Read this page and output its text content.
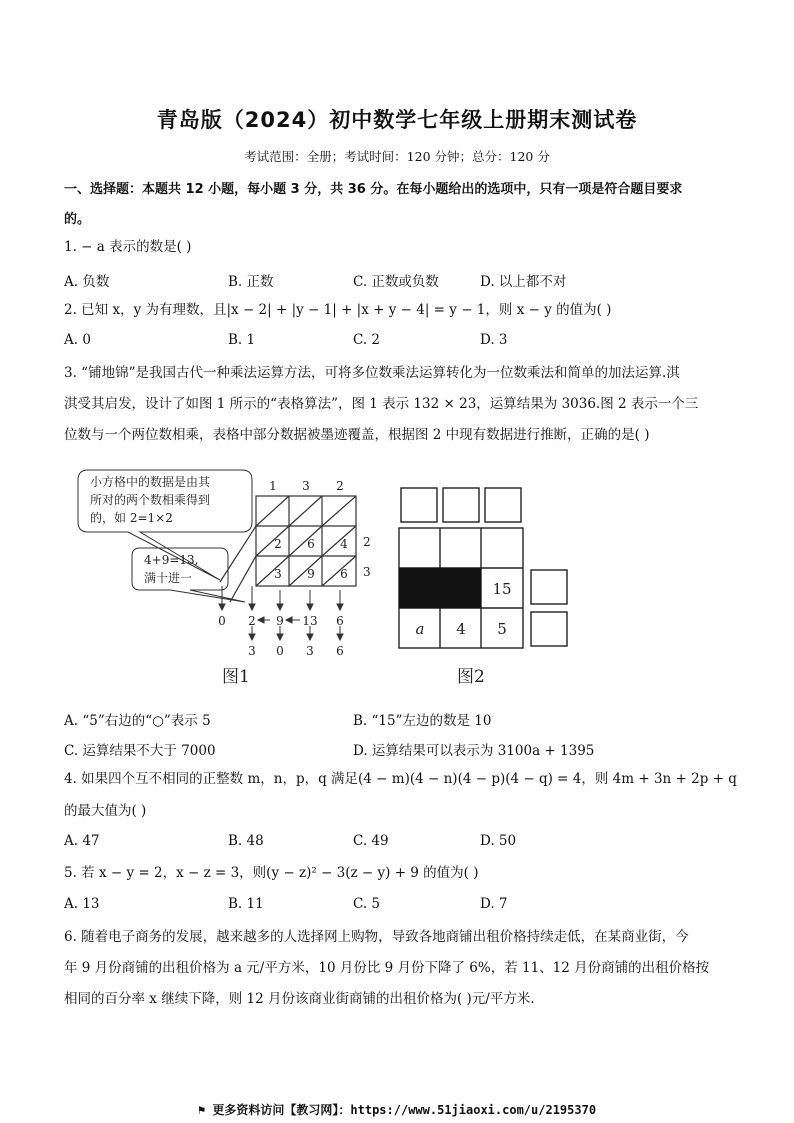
青岛版（2024）初中数学七年级上册期末测试卷
考试范围：全册；考试时间：120 分钟；总分：120 分
一、选择题：本题共 12 小题，每小题 3 分，共 36 分。在每小题给出的选项中，只有一项是符合题目要求
的。
1. − a 表示的数是( )
A. 负数	B. 正数	C. 正数或负数	D. 以上都不对
2. 已知 x，y 为有理数，且|x − 2| + |y − 1| + |x + y − 4| = y − 1，则 x − y 的值为( )
A. 0	B. 1	C. 2	D. 3
3. “铺地锦”是我国古代一种乘法运算方法，可将多位数乘法运算转化为一位数乘法和简单的加法运算.淇
淇受其启发，设计了如图 1 所示的“表格算法”，图 1 表示 132 × 23，运算结果为 3036.图 2 表示一个三
位数与一个两位数相乘，表格中部分数据被墨迹覆盖，根据图 2 中现有数据进行推断，正确的是( )
小方格中的数据是由其
所对的两个数相乘得到
的，如 2=1×2
4+9=13,
满十进一
1 3 2
2 6 4
3 9 6
2
3
0 2 9 13 6
3 0 3 6
图1
15
a 4 5
图2
A. “5”右边的“○”表示 5	B. “15”左边的数是 10
C. 运算结果不大于 7000	D. 运算结果可以表示为 3100a + 1395
4. 如果四个互不相同的正整数 m，n，p，q 满足(4 − m)(4 − n)(4 − p)(4 − q) = 4，则 4m + 3n + 2p + q
的最大值为( )
A. 47	B. 48	C. 49	D. 50
5. 若 x − y = 2，x − z = 3，则(y − z)² − 3(z − y) + 9 的值为( )
A. 13	B. 11	C. 5	D. 7
6. 随着电子商务的发展，越来越多的人选择网上购物，导致各地商铺出租价格持续走低，在某商业街，今
年 9 月份商铺的出租价格为 a 元/平方米，10 月份比 9 月份下降了 6%，若 11、12 月份商铺的出租价格按
相同的百分率 x 继续下降，则 12 月份该商业街商铺的出租价格为( )元/平方米.
⚑ 更多资料访问【教习网】：https://www.51jiaoxi.com/u/2195370
